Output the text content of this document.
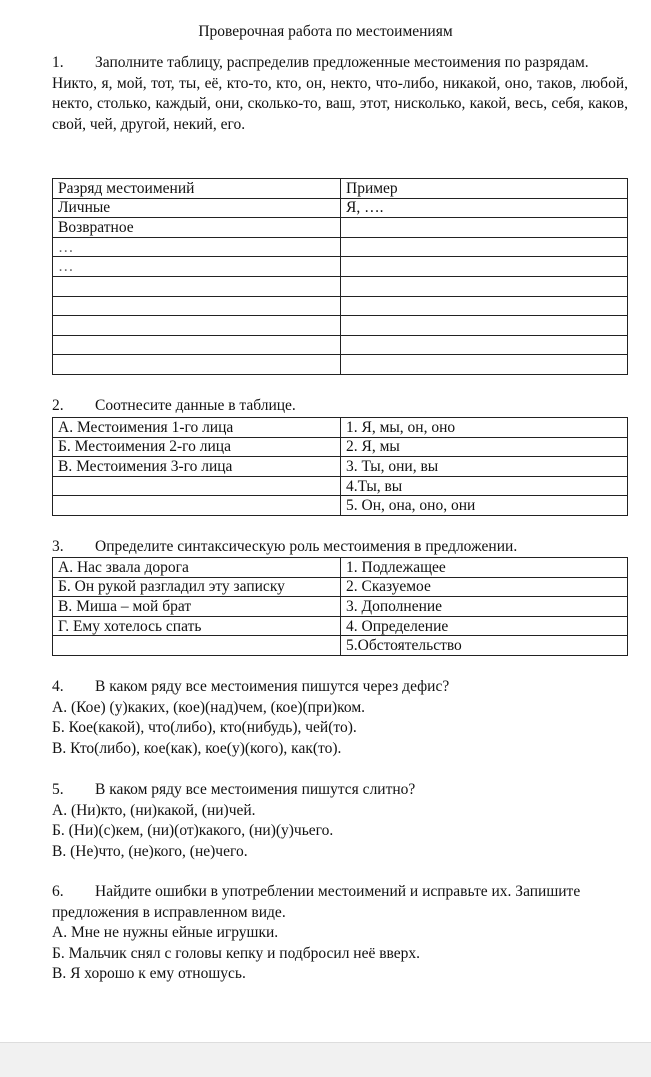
Проверочная работа по местоимениям
1. Заполните таблицу, распределив предложенные местоимения по разрядам.
Никто, я, мой, тот, ты, её, кто-то, кто, он, некто, что-либо, никакой, оно, таков, любой, некто, столько, каждый, они, сколько-то, ваш, этот, нисколько, какой, весь, себя, каков, свой, чей, другой, некий, его.
Разряд местоимений	Пример
Личные	Я, ….
Возвратное	
…	
…	

2. Соотнесите данные в таблице.
А. Местоимения 1-го лица	1. Я, мы, он, оно
Б. Местоимения 2-го лица	2. Я, мы
В. Местоимения 3-го лица	3. Ты, они, вы
	4.Ты, вы
	5. Он, она, оно, они
3. Определите синтаксическую роль местоимения в предложении.
А. Нас звала дорога	1. Подлежащее
Б. Он рукой разгладил эту записку	2. Сказуемое
В. Миша – мой брат	3. Дополнение
Г. Ему хотелось спать	4. Определение
	5.Обстоятельство
4. В каком ряду все местоимения пишутся через дефис?
А. (Кое) (у)каких, (кое)(над)чем, (кое)(при)ком.
Б. Кое(какой), что(либо), кто(нибудь), чей(то).
В. Кто(либо), кое(как), кое(у)(кого), как(то).
5. В каком ряду все местоимения пишутся слитно?
А. (Ни)кто, (ни)какой, (ни)чей.
Б. (Ни)(с)кем, (ни)(от)какого, (ни)(у)чьего.
В. (Не)что, (не)кого, (не)чего.
6. Найдите ошибки в употреблении местоимений и исправьте их. Запишите предложения в исправленном виде.
А. Мне не нужны ейные игрушки.
Б. Мальчик снял с головы кепку и подбросил неё вверх.
В. Я хорошо к ему отношусь.
